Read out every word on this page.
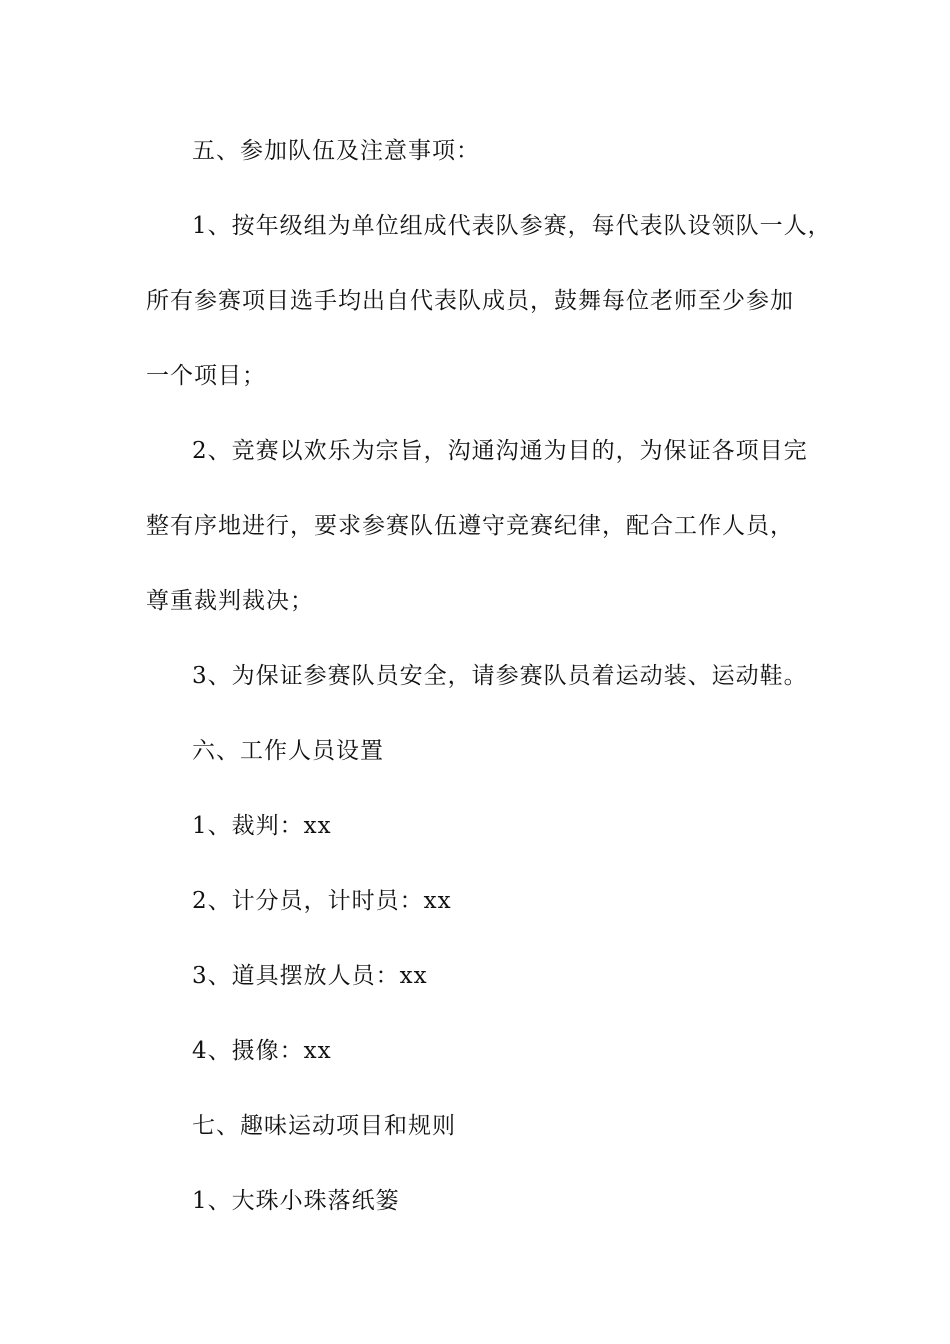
五、参加队伍及注意事项：
1、按年级组为单位组成代表队参赛，每代表队设领队一人，
所有参赛项目选手均出自代表队成员，鼓舞每位老师至少参加
一个项目；
2、竞赛以欢乐为宗旨，沟通沟通为目的，为保证各项目完
整有序地进行，要求参赛队伍遵守竞赛纪律，配合工作人员，
尊重裁判裁决；
3、为保证参赛队员安全，请参赛队员着运动装、运动鞋。
六、工作人员设置
1、裁判：xx
2、计分员，计时员：xx
3、道具摆放人员：xx
4、摄像：xx
七、趣味运动项目和规则
1、大珠小珠落纸篓
